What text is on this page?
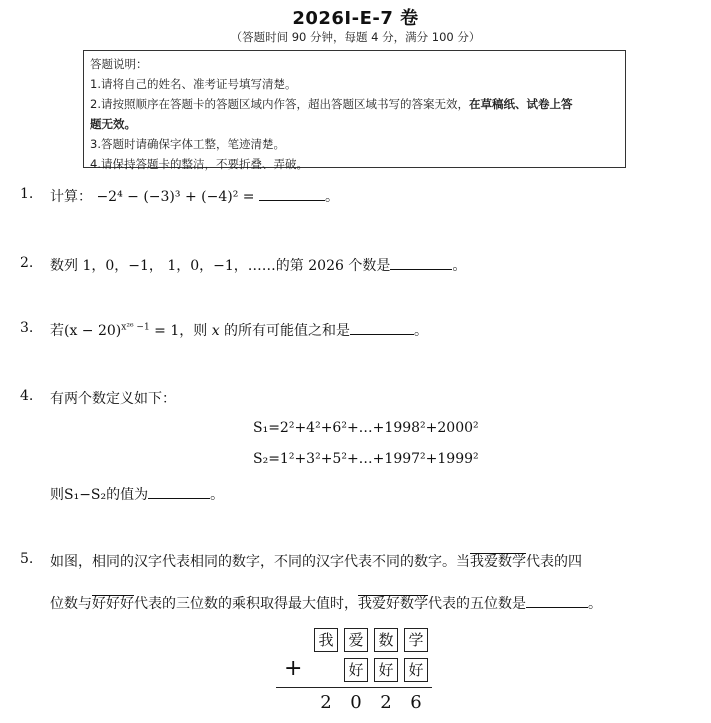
2026I-E-7 卷
（答题时间 90 分钟，每题 4 分，满分 100 分）
答题说明：
1.请将自己的姓名、准考证号填写清楚。
2.请按照顺序在答题卡的答题区域内作答，超出答题区域书写的答案无效，在草稿纸、试卷上答
题无效。
3.答题时请确保字体工整，笔迹清楚。
4.请保持答题卡的整洁，不要折叠、弄破。
1. 计算： −2⁴ − (−3)³ + (−4)² =	。
2. 数列 1，0，−1， 1，0，−1，……的第 2026 个数是	。
3. 若$(x - 20)^{x^{26} -1} = 1$，则 x 的所有可能值之和是	。
4. 有两个数定义如下：
S₁=2²+4²+6²+…+1998²+2000²
S₂=1²+3²+5²+…+1997²+1999²
则S₁−S₂的值为	。
5. 如图，相同的汉字代表相同的数字，不同的汉字代表不同的数字。当我爱数学代表的四
位数与好好好代表的三位数的乘积取得最大值时，我爱好数学代表的五位数是	。
我 爱 数 学
+	好 好 好
2	0	2	6
